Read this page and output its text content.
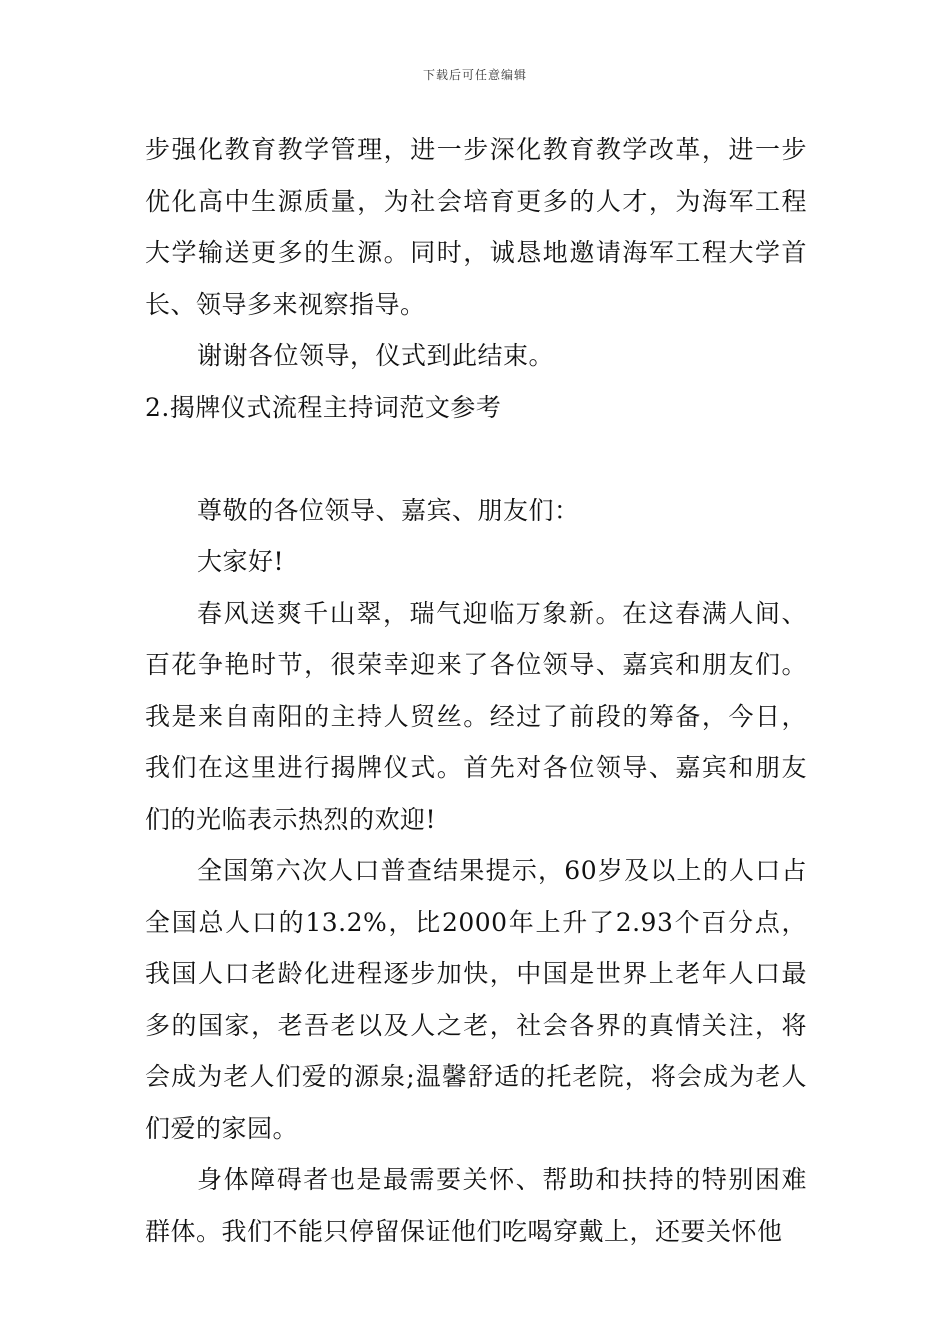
下载后可任意编辑

步强化教育教学管理，进一步深化教育教学改革，进一步优化高中生源质量，为社会培育更多的人才，为海军工程大学输送更多的生源。同时，诚恳地邀请海军工程大学首长、领导多来视察指导。

谢谢各位领导，仪式到此结束。

2.揭牌仪式流程主持词范文参考

尊敬的各位领导、嘉宾、朋友们：

大家好!

春风送爽千山翠，瑞气迎临万象新。在这春满人间、百花争艳时节，很荣幸迎来了各位领导、嘉宾和朋友们。我是来自南阳的主持人贸丝。经过了前段的筹备，今日，我们在这里进行揭牌仪式。首先对各位领导、嘉宾和朋友们的光临表示热烈的欢迎!

全国第六次人口普查结果提示，60岁及以上的人口占全国总人口的13.2%，比2000年上升了2.93个百分点，我国人口老龄化进程逐步加快，中国是世界上老年人口最多的国家，老吾老以及人之老，社会各界的真情关注，将会成为老人们爱的源泉;温馨舒适的托老院，将会成为老人们爱的家园。

身体障碍者也是最需要关怀、帮助和扶持的特别困难群体。我们不能只停留保证他们吃喝穿戴上，还要关怀他
